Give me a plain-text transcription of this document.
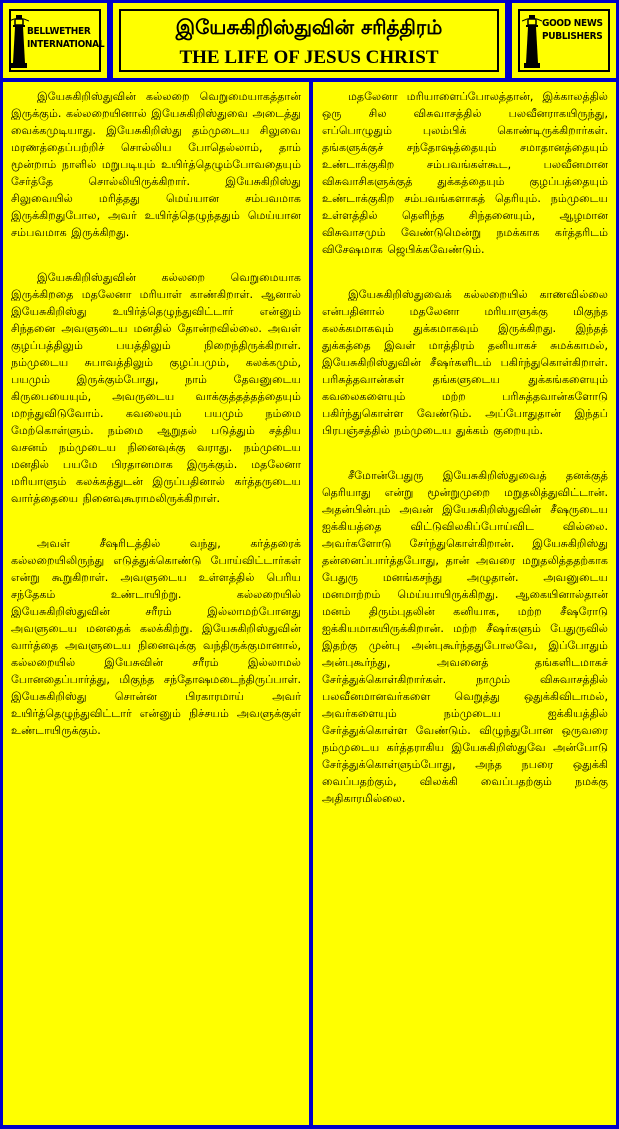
BELLWETHER
INTERNATIONAL
இயேசுகிறிஸ்துவின் சரித்திரம்
THE LIFE OF JESUS CHRIST
GOOD NEWS
PUBLISHERS

இயேசுகிறிஸ்துவின் கல்லறை வெறுமையாகத்தான் இருக்கும். கல்லறையினால் இயேசுகிறிஸ்துவை அடைத்து வைக்கமுடியாது. இயேசுகிறிஸ்து தம்முடைய சிலுவை மரணத்தைப்பற்றிச் சொல்லிய போதெல்லாம், தாம் மூன்றாம் நாளில் மறுபடியும் உயிர்த்தெழும்போவதையும் சேர்த்தே சொல்லியிருக்கிறார். இயேசுகிறிஸ்து சிலுவையில் மரித்தது மெய்யான சம்பவமாக இருக்கிறதுபோல, அவர் உயிர்த்தெழுந்ததும் மெய்யான சம்பவமாக இருக்கிறது.

இயேசுகிறிஸ்துவின் கல்லறை வெறுமையாக இருக்கிறதை மதலேனா மரியாள் காண்கிறாள். ஆனால் இயேசுகிறிஸ்து உயிர்த்தெழுந்துவிட்டார் என்னும் சிந்தனை அவளுடைய மனதில் தோன்றவில்லை. அவள் குழப்பத்திலும் பயத்திலும் நிறைந்திருக்கிறாள். நம்முடைய சுபாவத்திலும் குழப்பமும், கலக்கமும், பயமும் இருக்கும்போது, நாம் தேவனுடைய கிருபையையும், அவருடைய வாக்குத்தத்தத்தையும் மறந்துவிடுவோம். கவலையும் பயமும் நம்மை மேற்கொள்ளும். நம்மை ஆறுதல் படுத்தும் சத்திய வசனம் நம்முடைய நினைவுக்கு வராது. நம்முடைய மனதில் பயமே பிரதானமாக இருக்கும். மதலேனா மரியாளும் கலக்கத்துடன் இருப்பதினால் கர்த்தருடைய வார்த்தையை நினைவுகூராமலிருக்கிறாள்.

அவள் சீஷரிடத்தில் வந்து, கர்த்தரைக் கல்லறையிலிருந்து எடுத்துக்கொண்டு போய்விட்டார்கள் என்று கூறுகிறாள். அவளுடைய உள்ளத்தில் பெரிய சந்தேகம் உண்டாயிற்று. கல்லறையில் இயேசுகிறிஸ்துவின் சரீரம் இல்லாமற்போனது அவளுடைய மனதைக் கலக்கிற்று. இயேசுகிறிஸ்துவின் வார்த்தை அவளுடைய நினைவுக்கு வந்திருக்குமானால், கல்லறையில் இயேசுவின் சரீரம் இல்லாமல் போனதைப்பார்த்து, மிகுந்த சந்தோஷமடைந்திருப்பாள். இயேசுகிறிஸ்து சொன்ன பிரகாரமாய் அவர் உயிர்த்தெழுந்துவிட்டார் என்னும் நிச்சயம் அவளுக்குள் உண்டாயிருக்கும்.

மதலேனா மரியாளைப்போலத்தான், இக்காலத்தில் ஒரு சில விசுவாசத்தில் பலவீனராகயிருந்து, எப்பொழுதும் புலம்பிக் கொண்டிருக்கிறார்கள். தங்களுக்குச் சந்தோஷத்தையும் சமாதானத்தையும் உண்டாக்குகிற சம்பவங்கள்கூட, பலவீனமான விசுவாசிகளுக்குத் துக்கத்தையும் குழப்பத்தையும் உண்டாக்குகிற சம்பவங்களாகத் தெரியும். நம்முடைய உள்ளத்தில் தெளிந்த சிந்தனையும், ஆழமான விசுவாசமும் வேண்டுமென்று நமக்காக கர்த்தரிடம் விசேஷமாக ஜெபிக்கவேண்டும்.

இயேசுகிறிஸ்துவைக் கல்லறையில் காணவில்லை என்பதினால் மதலேனா மரியாளுக்கு மிகுந்த கலக்கமாகவும் துக்கமாகவும் இருக்கிறது. இந்தத் துக்கத்தை இவள் மாத்திரம் தனியாகச் சுமக்காமல், இயேசுகிறிஸ்துவின் சீஷர்களிடம் பகிர்ந்துகொள்கிறாள். பரிசுத்தவான்கள் தங்களுடைய துக்கங்களையும் கவலைகளையும் மற்ற பரிசுத்தவான்களோடு பகிர்ந்துகொள்ள வேண்டும். அப்போதுதான் இந்தப் பிரபஞ்சத்தில் நம்முடைய துக்கம் குறையும்.

சீமோன்பேதுரு இயேசுகிறிஸ்துவைத் தனக்குத் தெரியாது என்று மூன்றுமுறை மறுதலித்துவிட்டான். அதன்பின்பும் அவன் இயேசுகிறிஸ்துவின் சீஷருடைய ஐக்கியத்தை விட்டுவிலகிப்போய்விட வில்லை. அவர்களோடு சேர்ந்துகொள்கிறான். இயேசுகிறிஸ்து தன்னைப்பார்த்தபோது, தான் அவரை மறுதலித்ததற்காக பேதுரு மனங்கசந்து அழுதான். அவனுடைய மனமாற்றம் மெய்யாயிருக்கிறது. ஆகையினால்தான் மனம் திரும்புதலின் கனியாக, மற்ற சீஷரோடு ஐக்கியமாகயிருக்கிறான். மற்ற சீஷர்களும் பேதுருவில் இதற்கு முன்பு அன்புகூர்ந்ததுபோலவே, இப்போதும் அன்புகூர்ந்து, அவனைத் தங்களிடமாகச் சேர்த்துக்கொள்கிறார்கள். நாமும் விசுவாசத்தில் பலவீனமானவர்களை வெறுத்து ஒதுக்கிவிடாமல், அவர்களையும் நம்முடைய ஐக்கியத்தில் சேர்த்துக்கொள்ள வேண்டும். விழுந்துபோன ஒருவரை நம்முடைய கர்த்தராகிய இயேசுகிறிஸ்துவே அன்போடு சேர்த்துக்கொள்ளும்போது, அந்த நபரை ஒதுக்கி வைப்பதற்கும், விலக்கி வைப்பதற்கும் நமக்கு அதிகாரமில்லை.
